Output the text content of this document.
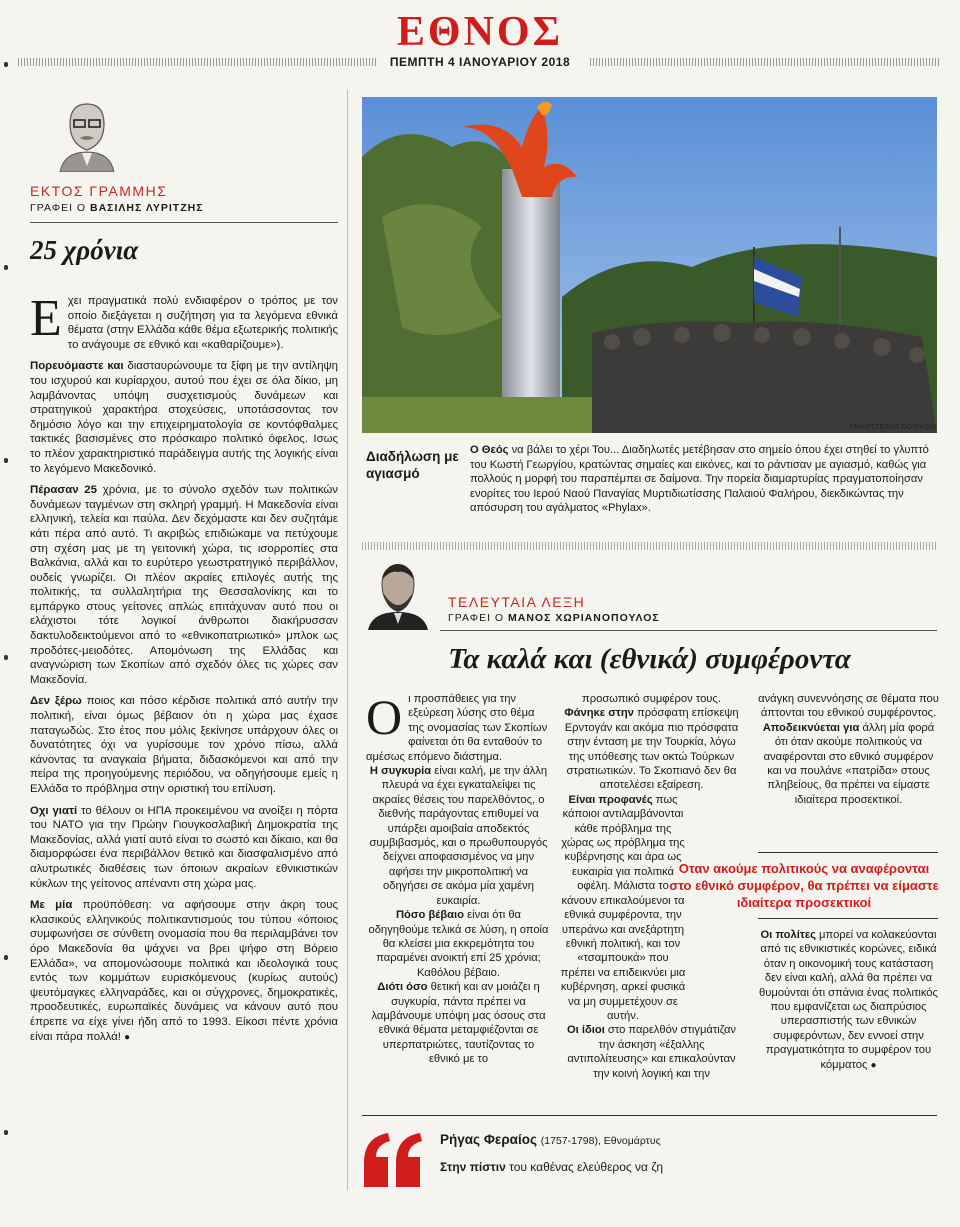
ΕΘΝΟΣ
ΠΕΜΠΤΗ 4 ΙΑΝΟΥΑΡΙΟΥ 2018
ΕΚΤΟΣ ΓΡΑΜΜΗΣ
ΓΡΑΦΕΙ Ο ΒΑΣΙΛΗΣ ΛΥΡΙΤΖΗΣ
25 χρόνια

Εχει πραγματικά πολύ ενδιαφέρον ο τρόπος με τον οποίο διεξάγεται η συζήτηση για τα λεγόμενα εθνικά θέματα (στην Ελλάδα κάθε θέμα εξωτερικής πολιτικής το ανάγουμε σε εθνικό και «καθαρίζουμε»).

Πορευόμαστε και διασταυρώνουμε τα ξίφη με την αντίληψη του ισχυρού και κυρίαρχου, αυτού που έχει σε όλα δίκιο, μη λαμβάνοντας υπόψη συσχετισμούς δυνάμεων και στρατηγικού χαρακτήρα στοχεύσεις, υποτάσσοντας τον δημόσιο λόγο και την επιχειρηματολογία σε κοντόφθαλμες τακτικές βασισμένες στο πρόσκαιρο πολιτικό όφελος. Ισως το πλέον χαρακτηριστικό παράδειγμα αυτής της λογικής είναι το λεγόμενο Μακεδονικό.

Πέρασαν 25 χρόνια, με το σύνολο σχεδόν των πολιτικών δυνάμεων ταγμένων στη σκληρή γραμμή. Η Μακεδονία είναι ελληνική, τελεία και παύλα. Δεν δεχόμαστε και δεν συζητάμε κάτι πέρα από αυτό. Τι ακριβώς επιδιώκαμε να πετύχουμε στη σχέση μας με τη γειτονική χώρα, τις ισορροπίες στα Βαλκάνια, αλλά και το ευρύτερο γεωστρατηγικό περιβάλλον, ουδείς γνωρίζει. Οι πλέον ακραίες επιλογές αυτής της πολιτικής, τα συλλαλητήρια της Θεσσαλονίκης και το εμπάργκο στους γείτονες απλώς επιτάχυναν αυτό που οι ελάχιστοι τότε λογικοί άνθρωποι διακήρυσσαν δακτυλοδεικτούμενοι από το «εθνικοπατριωτικό» μπλοκ ως προδότες-μειοδότες. Απομόνωση της Ελλάδας και αναγνώριση των Σκοπίων από σχεδόν όλες τις χώρες σαν Μακεδονία.

Δεν ξέρω ποιος και πόσο κέρδισε πολιτικά από αυτήν την πολιτική, είναι όμως βέβαιον ότι η χώρα μας έχασε παταγωδώς. Στο έτος που μόλις ξεκίνησε υπάρχουν όλες οι δυνατότητες όχι να γυρίσουμε τον χρόνο πίσω, αλλά κάνοντας τα αναγκαία βήματα, διδασκόμενοι και από την πείρα της προηγούμενης περιόδου, να οδηγήσουμε εμείς η Ελλάδα το πρόβλημα στην οριστική του επίλυση.

Οχι γιατί το θέλουν οι ΗΠΑ προκειμένου να ανοίξει η πόρτα του ΝΑΤΟ για την Πρώην Γιουγκοσλαβική Δημοκρατία της Μακεδονίας, αλλά γιατί αυτό είναι το σωστό και δίκαιο, και θα διαμορφώσει ένα περιβάλλον θετικό και διασφαλισμένο από αλυτρωτικές διαθέσεις των όποιων ακραίων εθνικιστικών κύκλων της γείτονος απέναντι στη χώρα μας.

Με μία προϋπόθεση: να αφήσουμε στην άκρη τους κλασικούς ελληνικούς πολιτικαντισμούς του τύπου «όποιος συμφωνήσει σε σύνθετη ονομασία που θα περιλαμβάνει τον όρο Μακεδονία θα ψάχνει να βρει ψήφο στη Βόρειο Ελλάδα», να απομονώσουμε πολιτικά και ιδεολογικά τους εντός των κομμάτων ευρισκόμενους (κυρίως αυτούς) ψευτόμαγκες ελληναράδες, και οι σύγχρονες, δημοκρατικές, προοδευτικές, ευρωπαϊκές δυνάμεις να κάνουν αυτό που έπρεπε να είχε γίνει ήδη από το 1993. Είκοσι πέντε χρόνια είναι πάρα πολλά! ●

FRANTZESKA DORIKOU
Διαδήλωση με αγιασμό
Ο Θεός να βάλει το χέρι Του... Διαδηλωτές μετέβησαν στο σημείο όπου έχει στηθεί το γλυπτό του Κωστή Γεωργίου, κρατώντας σημαίες και εικόνες, και το ράντισαν με αγιασμό, καθώς για πολλούς η μορφή του παραπέμπει σε δαίμονα. Την πορεία διαμαρτυρίας πραγματοποίησαν ενορίτες του Ιερού Ναού Παναγίας Μυρτιδιωτίσσης Παλαιού Φαλήρου, διεκδικώντας την απόσυρση του αγάλματος «Phylax».
ΤΕΛΕΥΤΑΙΑ ΛΕΞΗ
ΓΡΑΦΕΙ Ο ΜΑΝΟΣ ΧΩΡΙΑΝΟΠΟΥΛΟΣ
Τα καλά και (εθνικά) συμφέροντα

Οι προσπάθειες για την εξεύρεση λύσης στο θέμα της ονομασίας των Σκοπίων φαίνεται ότι θα ενταθούν το αμέσως επόμενο διάστημα.

Η συγκυρία είναι καλή, με την άλλη πλευρά να έχει εγκαταλείψει τις ακραίες θέσεις του παρελθόντος, ο διεθνής παράγοντας επιθυμεί να υπάρξει αμοιβαία αποδεκτός συμβιβασμός, και ο πρωθυπουργός δείχνει αποφασισμένος να μην αφήσει την μικροπολιτική να οδηγήσει σε ακόμα μία χαμένη ευκαιρία.

Πόσο βέβαιο είναι ότι θα οδηγηθούμε τελικά σε λύση, η οποία θα κλείσει μια εκκρεμότητα του παραμένει ανοικτή επί 25 χρόνια; Καθόλου βέβαιο.

Διότι όσο θετική και αν μοιάζει η συγκυρία, πάντα πρέπει να λαμβάνουμε υπόψη μας όσους στα εθνικά θέματα μεταμφιέζονται σε υπερπατριώτες, ταυτίζοντας το εθνικό με το

προσωπικό συμφέρον τους.

Φάνηκε στην πρόσφατη επίσκεψη Ερντογάν και ακόμα πιο πρόσφατα στην ένταση με την Τουρκία, λόγω της υπόθεσης των οκτώ Τούρκων στρατιωτικών. Το Σκοπιανό δεν θα αποτελέσει εξαίρεση.

Είναι προφανές πως κάποιοι αντιλαμβάνονται κάθε πρόβλημα της χώρας ως πρόβλημα της κυβέρνησης και άρα ως ευκαιρία για πολιτικά οφέλη. Μάλιστα το κάνουν επικαλούμενοι τα εθνικά συμφέροντα, την υπεράνω και ανεξάρτητη εθνική πολιτική, και τον «τσαμπουκά» που πρέπει να επιδεικνύει μια κυβέρνηση, αρκεί φυσικά να μη συμμετέχουν σε αυτήν.

Οι ίδιοι στο παρελθόν στιγμάτιζαν την άσκηση «έξαλλης αντιπολίτευσης» και επικαλούνταν την κοινή λογική και την

ανάγκη συνεννόησης σε θέματα που άπτονται του εθνικού συμφέροντος.

Αποδεικνύεται για άλλη μία φορά ότι όταν ακούμε πολιτικούς να αναφέρονται στο εθνικό συμφέρον και να πουλάνε «πατρίδα» στους πληβείους, θα πρέπει να είμαστε ιδιαίτερα προσεκτικοί.

Οταν ακούμε πολιτικούς να αναφέρονται στο εθνικό συμφέρον, θα πρέπει να είμαστε ιδιαίτερα προσεκτικοί

Οι πολίτες μπορεί να κολακεύονται από τις εθνικιστικές κορώνες, ειδικά όταν η οικονομική τους κατάσταση δεν είναι καλή, αλλά θα πρέπει να θυμούνται ότι σπάνια ένας πολιτικός που εμφανίζεται ως διαπρύσιος υπερασπιστής των εθνικών συμφερόντων, δεν εννοεί στην πραγματικότητα το συμφέρον του κόμματος ●

Ρήγας Φεραίος (1757-1798), Εθνομάρτυς
Στην πίστιν του καθένας ελεύθερος να ζη
